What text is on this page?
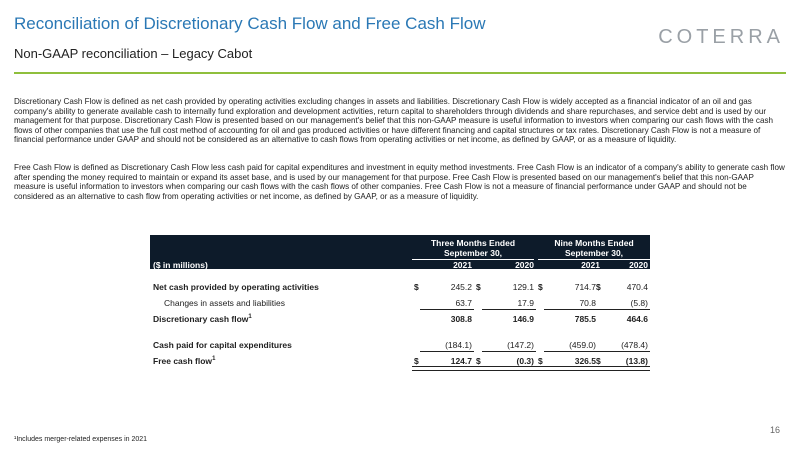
Reconciliation of Discretionary Cash Flow and Free Cash Flow
Non-GAAP reconciliation – Legacy Cabot
COTERRA

Discretionary Cash Flow is defined as net cash provided by operating activities excluding changes in assets and liabilities. Discretionary Cash Flow is widely accepted as a financial indicator of an oil and gas company's ability to generate available cash to internally fund exploration and development activities, return capital to shareholders through dividends and share repurchases, and service debt and is used by our management for that purpose. Discretionary Cash Flow is presented based on our management's belief that this non-GAAP measure is useful information to investors when comparing our cash flows with the cash flows of other companies that use the full cost method of accounting for oil and gas produced activities or have different financing and capital structures or tax rates. Discretionary Cash Flow is not a measure of financial performance under GAAP and should not be considered as an alternative to cash flows from operating activities or net income, as defined by GAAP, or as a measure of liquidity.

Free Cash Flow is defined as Discretionary Cash Flow less cash paid for capital expenditures and investment in equity method investments. Free Cash Flow is an indicator of a company's ability to generate cash flow after spending the money required to maintain or expand its asset base, and is used by our management for that purpose. Free Cash Flow is presented based on our management's belief that this non-GAAP measure is useful information to investors when comparing our cash flows with the cash flows of other companies. Free Cash Flow is not a measure of financial performance under GAAP and should not be considered as an alternative to cash flow from operating activities or net income, as defined by GAAP, or as a measure of liquidity.

Three Months Ended September 30,
Nine Months Ended September 30,
($ in millions)	2021	2020	2021	2020
Net cash provided by operating activities	$	245.2 $	129.1 $	714.7 $	470.4
Changes in assets and liabilities	63.7	17.9	70.8	(5.8)
Discretionary cash flow$^1$	308.8	146.9	785.5	464.6
Cash paid for capital expenditures	(184.1)	(147.2)	(459.0)	(478.4)
Free cash flow$^1$	$	124.7 $	(0.3) $	326.5 $	(13.8)
¹Includes merger-related expenses in 2021
16
